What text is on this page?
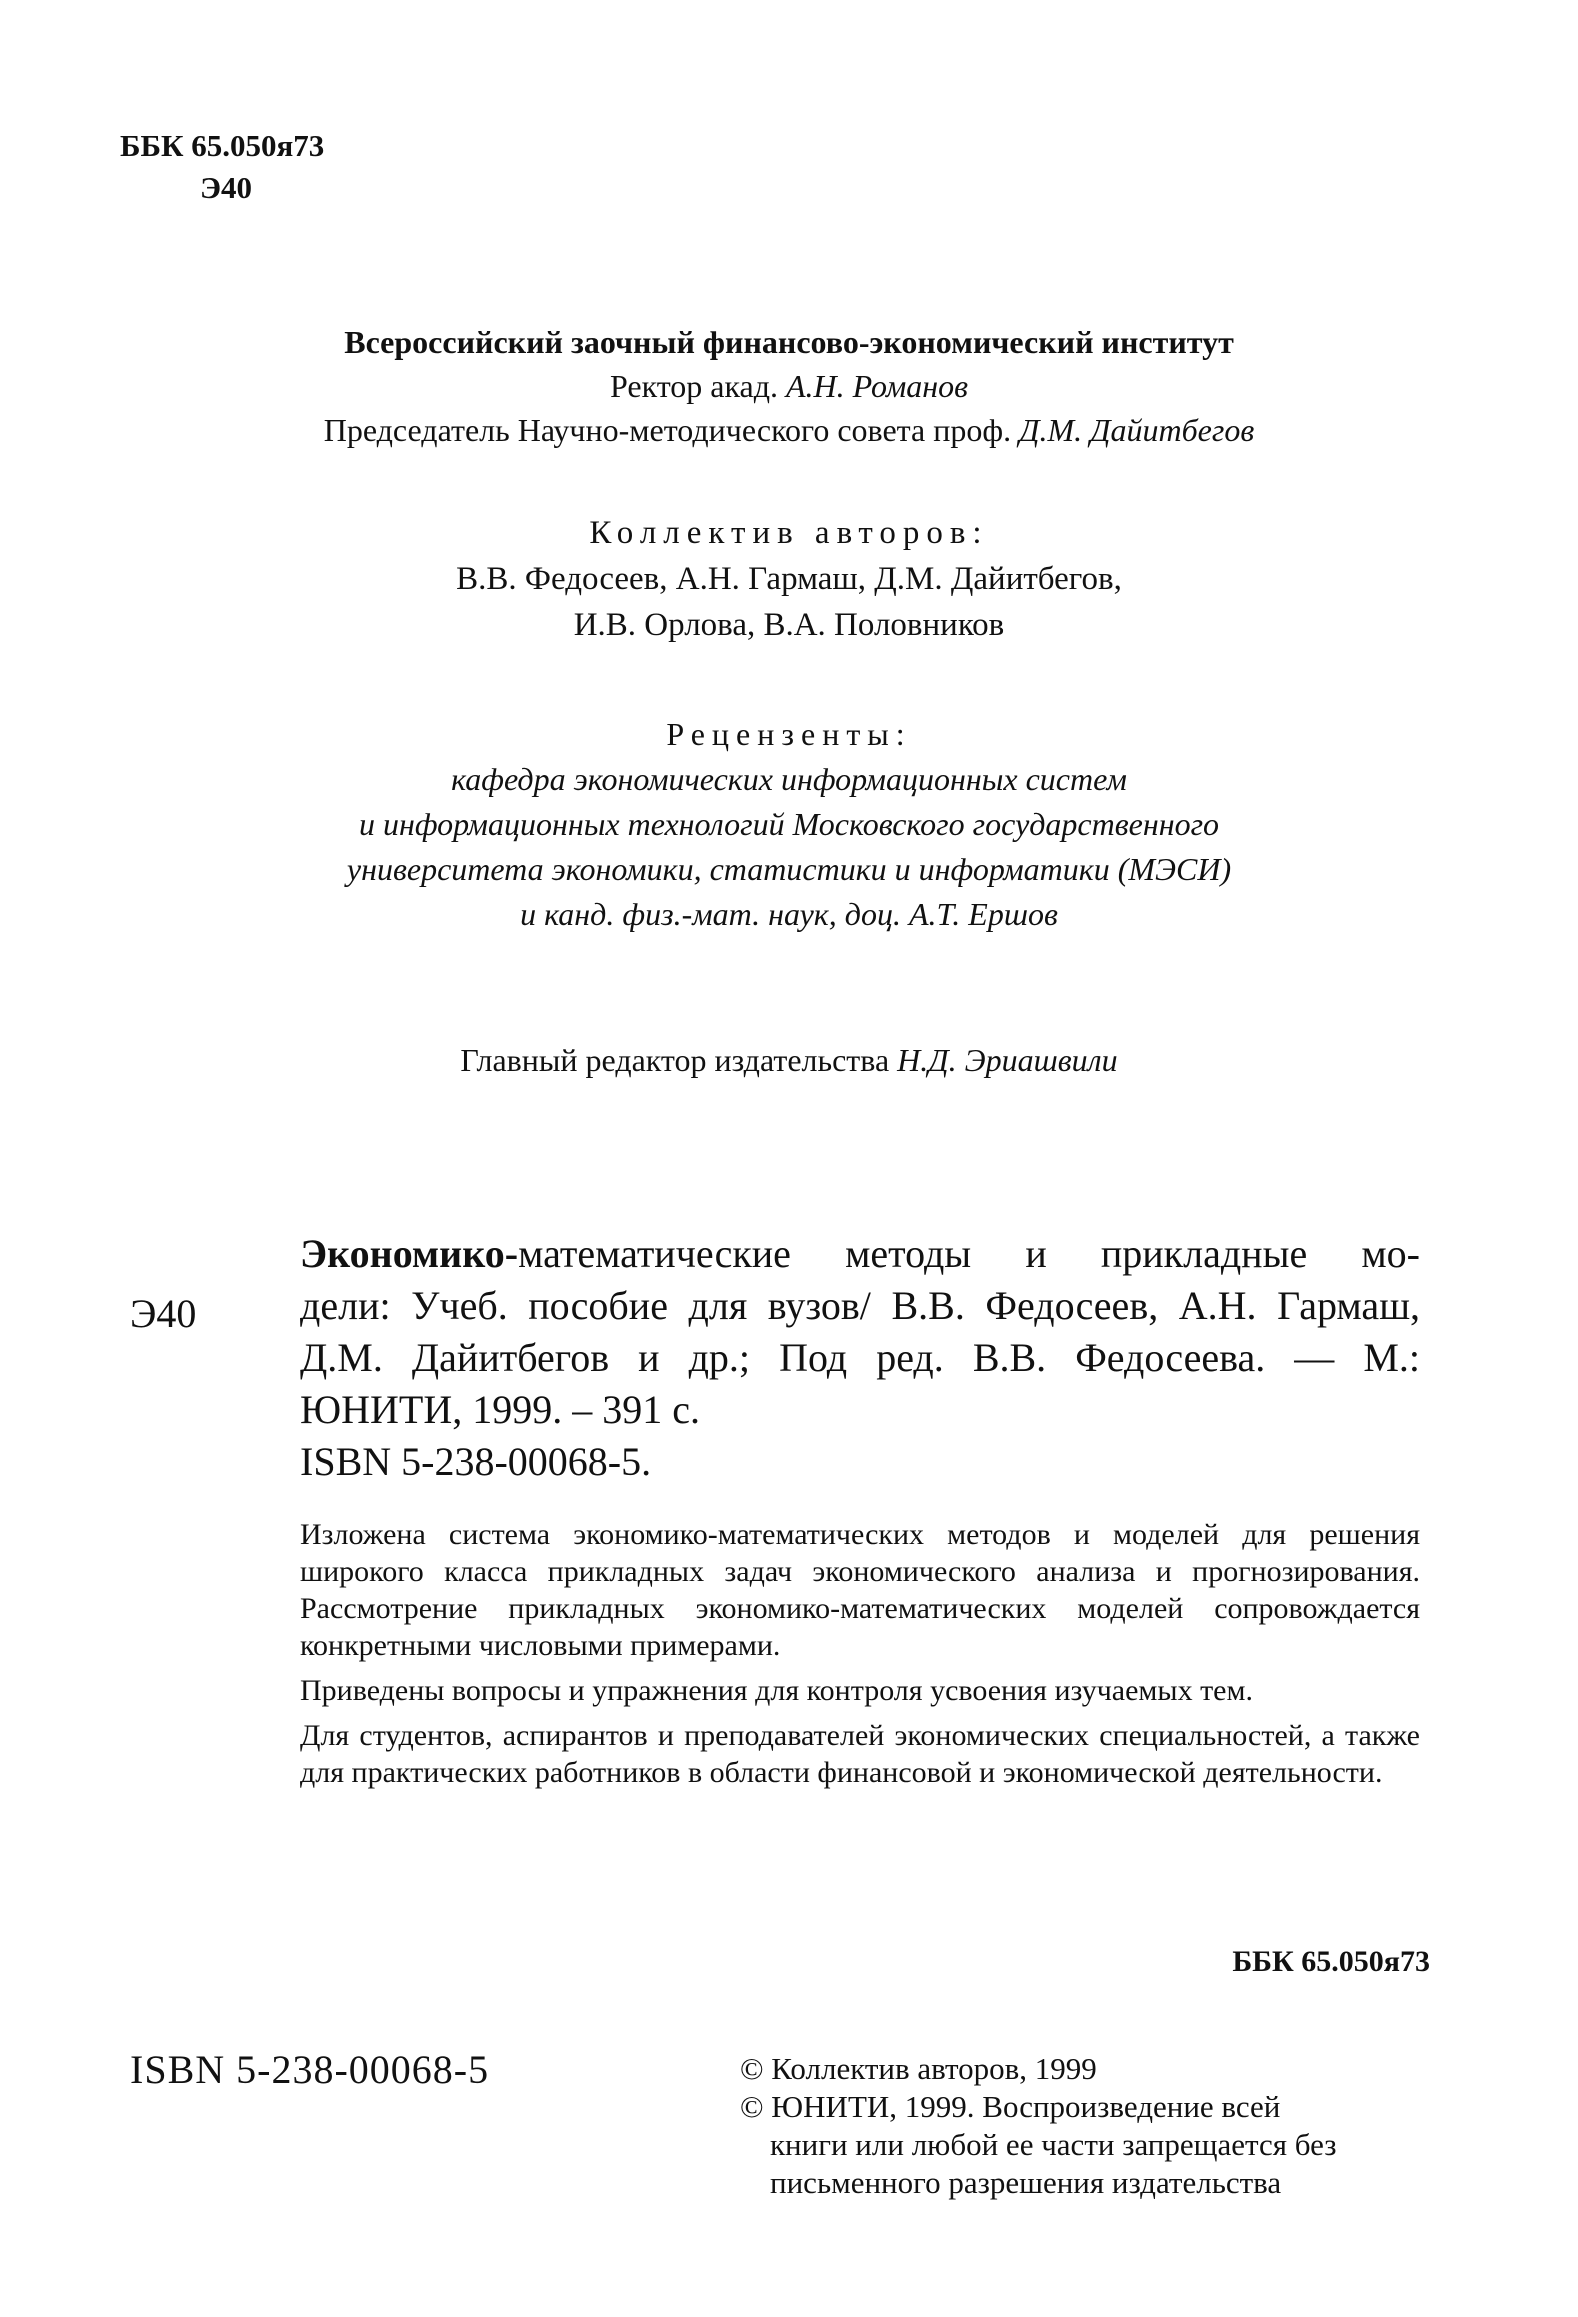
ББК 65.050я73
Э40
Всероссийский заочный финансово-экономический институт
Ректор акад. А.Н. Романов
Председатель Научно-методического совета проф. Д.М. Дайитбегов
Коллектив авторов:
В.В. Федосеев, А.Н. Гармаш, Д.М. Дайитбегов,
И.В. Орлова, В.А. Половников
Рецензенты:
кафедра экономических информационных систем
и информационных технологий Московского государственного
университета экономики, статистики и информатики (МЭСИ)
и канд. физ.-мат. наук, доц. А.Т. Ершов
Главный редактор издательства Н.Д. Эриашвили
Э40
Экономико-математические методы и прикладные мо-
дели: Учеб. пособие для вузов/ В.В. Федосеев, А.Н. Гармаш,
Д.М. Дайитбегов и др.; Под ред. В.В. Федосеева. — М.:
ЮНИТИ, 1999. – 391 с.
ISBN 5-238-00068-5.

Изложена система экономико-математических методов и моделей для решения широкого класса прикладных задач экономического анализа и прогнозирования. Рассмотрение прикладных экономико-математических моделей сопровождается конкретными числовыми примерами.

Приведены вопросы и упражнения для контроля усвоения изучаемых тем.

Для студентов, аспирантов и преподавателей экономических специальностей, а также для практических работников в области финансовой и экономической деятельности.

ББК 65.050я73
ISBN 5-238-00068-5	© Коллектив авторов, 1999
© ЮНИТИ, 1999. Воспроизведение всей
книги или любой ее части запрещается без
письменного разрешения издательства
